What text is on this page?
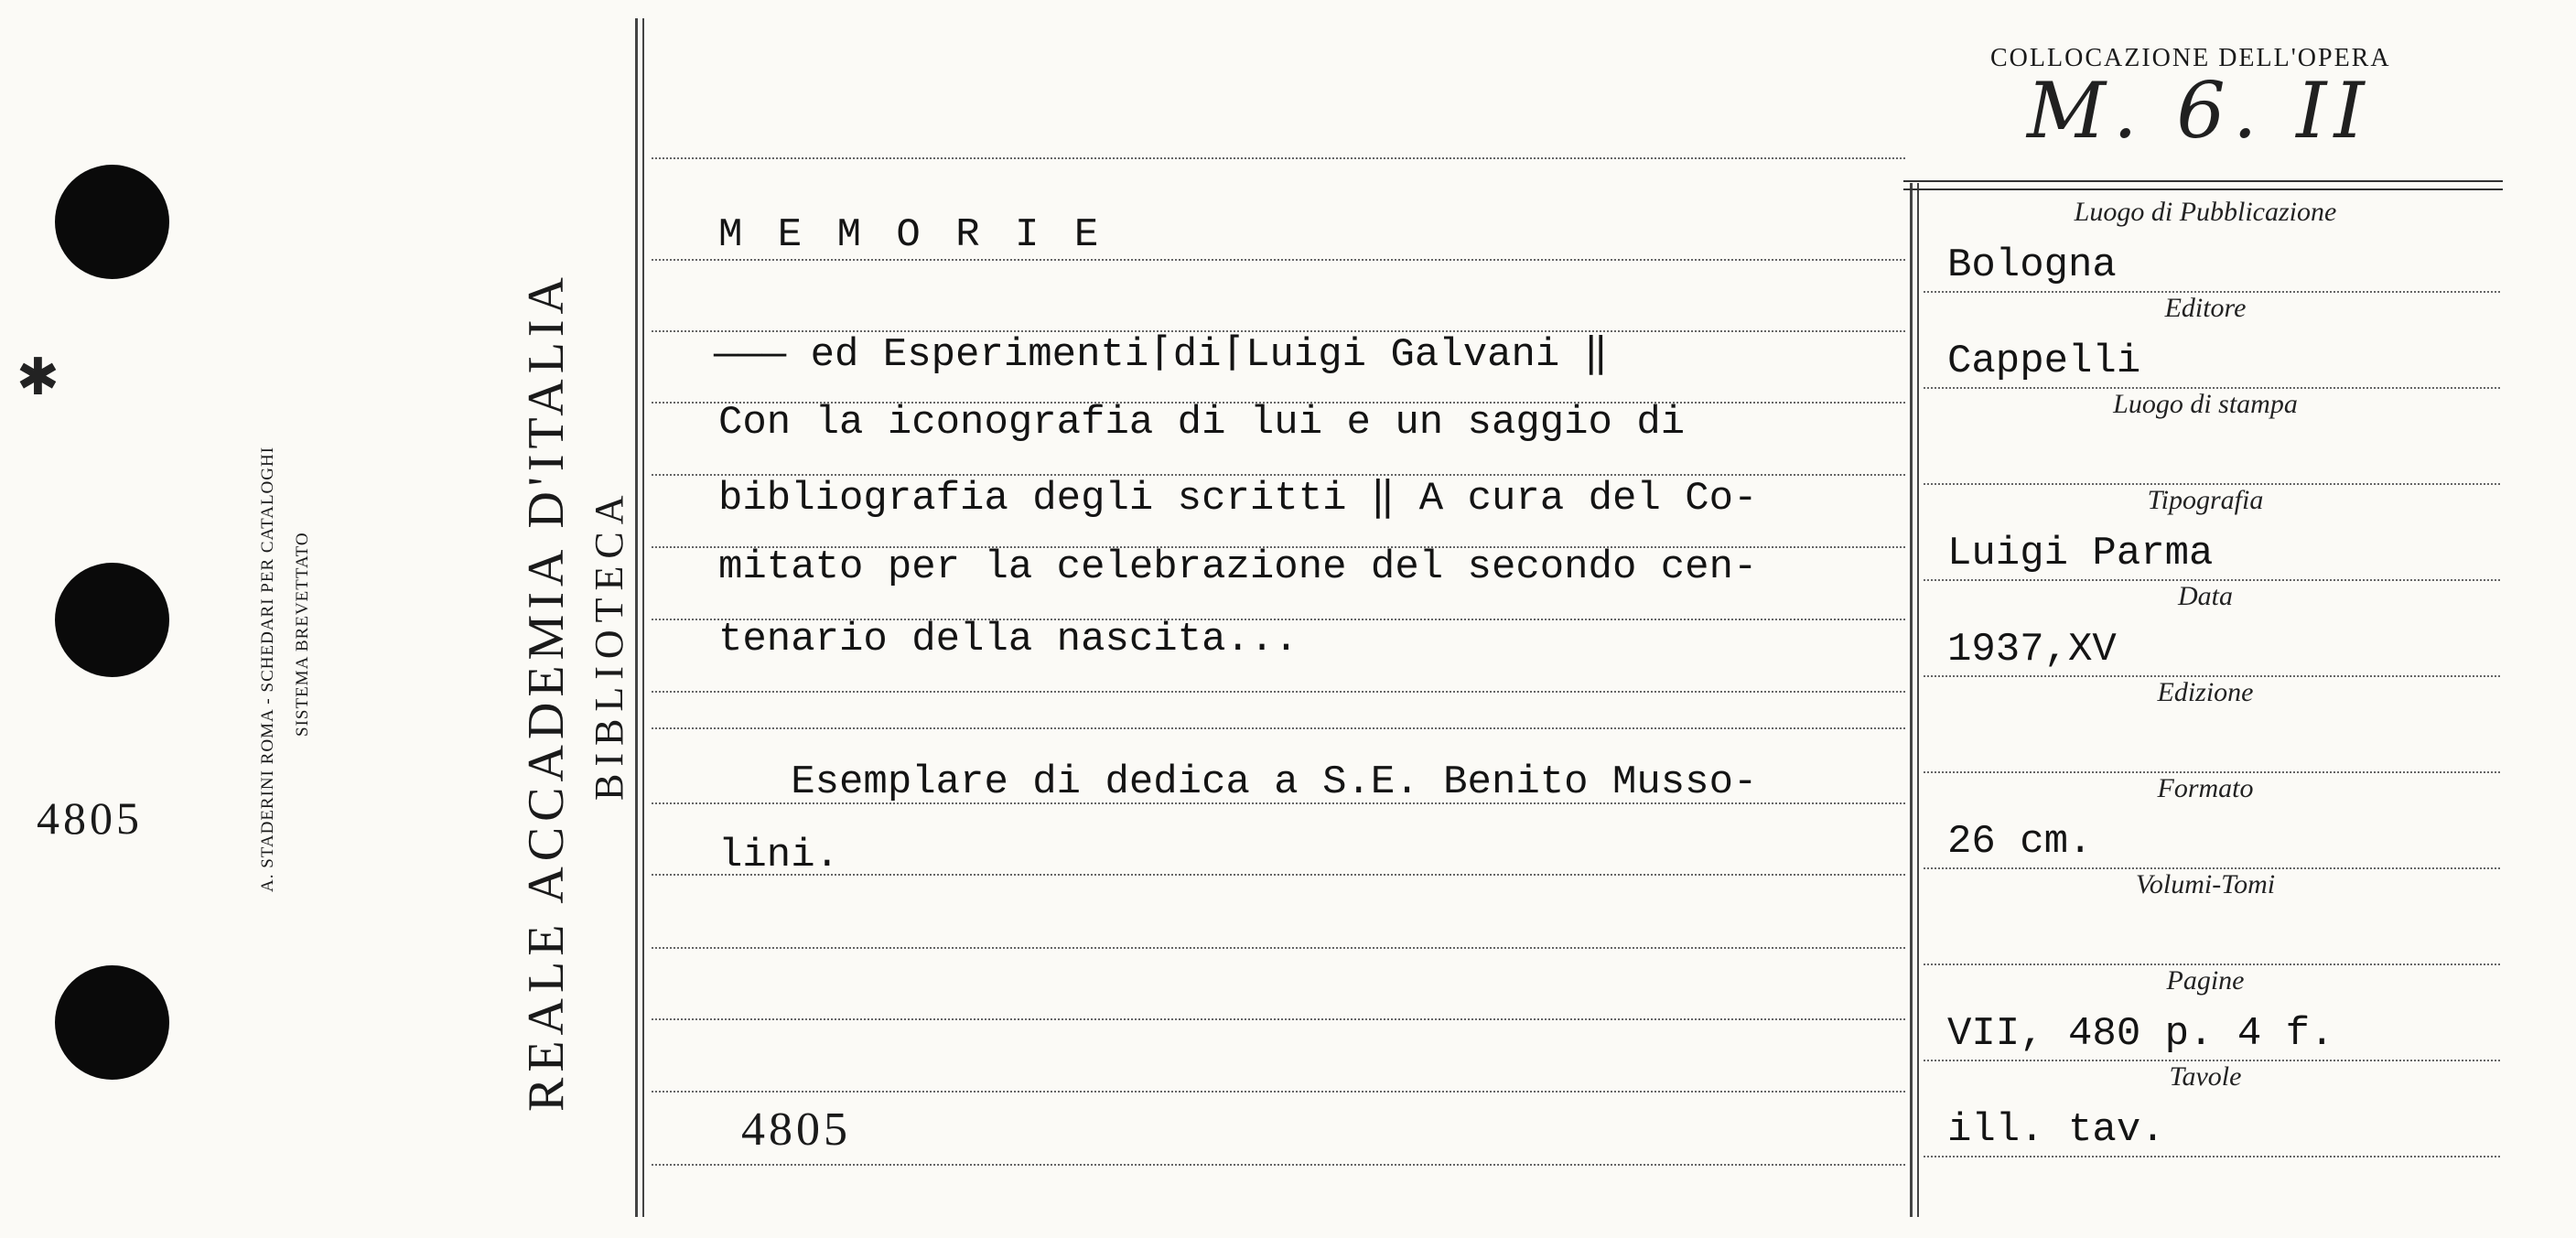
✱
4805	A. STADERINI ROMA - SCHEDARI PER CATALOGHI SISTEMA BREVETTATO	REALE ACCADEMIA D'ITALIA BIBLIOTECA
COLLOCAZIONE DELL'OPERA
M. 6. II
M E M O R I E
——— ed Esperimenti⌈di⌈Luigi Galvani ‖
Con la iconografia di lui e un saggio di
bibliografia degli scritti ‖ A cura del Co-
mitato per la celebrazione del secondo cen-
tenario della nascita...
Esemplare di dedica a S.E. Benito Musso-
lini.
4805
Luogo di Pubblicazione
Editore
Luogo di stampa
Tipografia
Data
Edizione
Formato
Volumi-Tomi
Pagine
Tavole
Bologna
Cappelli
Luigi Parma
1937,XV
26 cm.
VII, 480 p. 4 f.
ill. tav.
